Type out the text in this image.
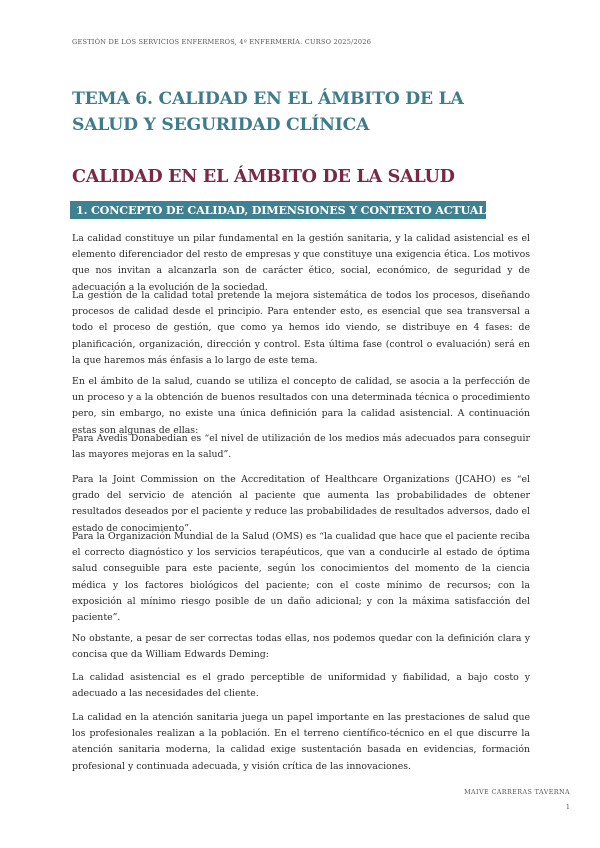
GESTIÓN DE LOS SERVICIOS ENFERMEROS, 4º ENFERMERÍA. CURSO 2025/2026
TEMA 6. CALIDAD EN EL ÁMBITO DE LA SALUD Y SEGURIDAD CLÍNICA
CALIDAD EN EL ÁMBITO DE LA SALUD
1. CONCEPTO DE CALIDAD, DIMENSIONES Y CONTEXTO ACTUAL

La calidad constituye un pilar fundamental en la gestión sanitaria, y la calidad asistencial es el elemento diferenciador del resto de empresas y que constituye una exigencia ética. Los motivos que nos invitan a alcanzarla son de carácter ético, social, económico, de seguridad y de adecuación a la evolución de la sociedad.

La gestión de la calidad total pretende la mejora sistemática de todos los procesos, diseñando procesos de calidad desde el principio. Para entender esto, es esencial que sea transversal a todo el proceso de gestión, que como ya hemos ido viendo, se distribuye en 4 fases: de planificación, organización, dirección y control. Esta última fase (control o evaluación) será en la que haremos más énfasis a lo largo de este tema.

En el ámbito de la salud, cuando se utiliza el concepto de calidad, se asocia a la perfección de un proceso y a la obtención de buenos resultados con una determinada técnica o procedimiento pero, sin embargo, no existe una única definición para la calidad asistencial. A continuación estas son algunas de ellas:

Para Avedis Donabedian es “el nivel de utilización de los medios más adecuados para conseguir las mayores mejoras en la salud”.

Para la Joint Commission on the Accreditation of Healthcare Organizations (JCAHO) es “el grado del servicio de atención al paciente que aumenta las probabilidades de obtener resultados deseados por el paciente y reduce las probabilidades de resultados adversos, dado el estado de conocimiento”.

Para la Organización Mundial de la Salud (OMS) es “la cualidad que hace que el paciente reciba el correcto diagnóstico y los servicios terapéuticos, que van a conducirle al estado de óptima salud conseguible para este paciente, según los conocimientos del momento de la ciencia médica y los factores biológicos del paciente; con el coste mínimo de recursos; con la exposición al mínimo riesgo posible de un daño adicional; y con la máxima satisfacción del paciente”.

No obstante, a pesar de ser correctas todas ellas, nos podemos quedar con la definición clara y concisa que da William Edwards Deming:

La calidad asistencial es el grado perceptible de uniformidad y fiabilidad, a bajo costo y adecuado a las necesidades del cliente.

La calidad en la atención sanitaria juega un papel importante en las prestaciones de salud que los profesionales realizan a la población. En el terreno científico-técnico en el que discurre la atención sanitaria moderna, la calidad exige sustentación basada en evidencias, formación profesional y continuada adecuada, y visión crítica de las innovaciones.

MAIVE CARRERAS TAVERNA
1
